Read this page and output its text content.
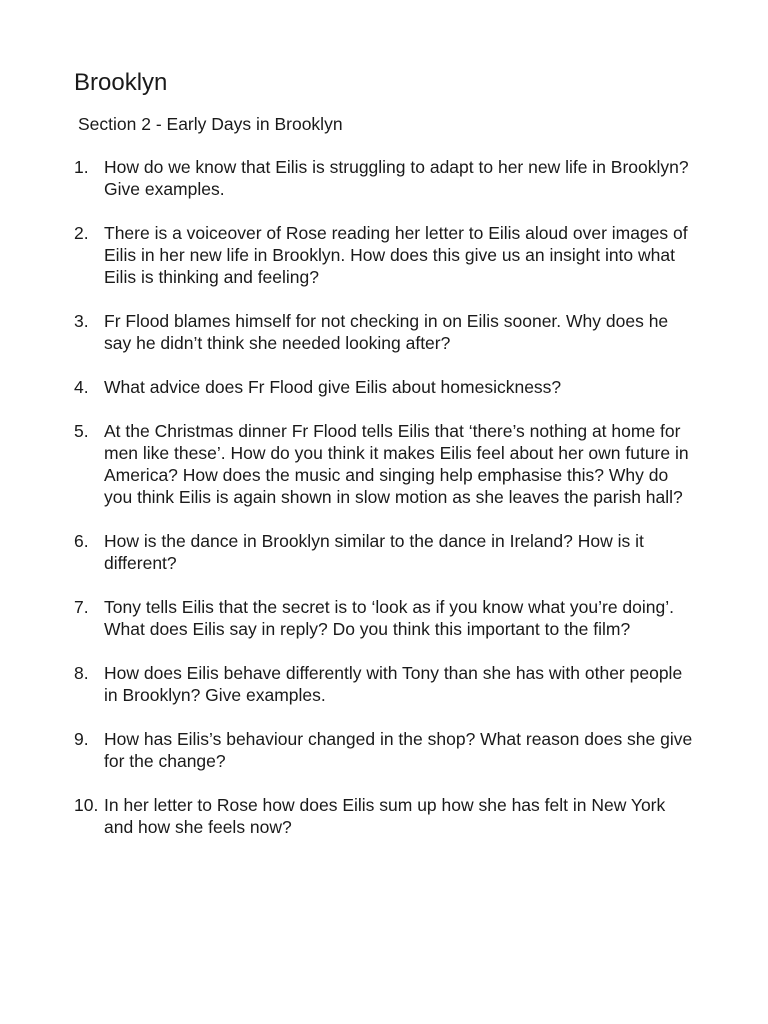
Brooklyn
Section 2 - Early Days in Brooklyn
1. How do we know that Eilis is struggling to adapt to her new life in Brooklyn? Give examples.
2. There is a voiceover of Rose reading her letter to Eilis aloud over images of Eilis in her new life in Brooklyn. How does this give us an insight into what Eilis is thinking and feeling?
3. Fr Flood blames himself for not checking in on Eilis sooner. Why does he say he didn’t think she needed looking after?
4. What advice does Fr Flood give Eilis about homesickness?
5. At the Christmas dinner Fr Flood tells Eilis that ‘there’s nothing at home for men like these’. How do you think it makes Eilis feel about her own future in America? How does the music and singing help emphasise this? Why do you think Eilis is again shown in slow motion as she leaves the parish hall?
6. How is the dance in Brooklyn similar to the dance in Ireland? How is it different?
7. Tony tells Eilis that the secret is to ‘look as if you know what you’re doing’. What does Eilis say in reply? Do you think this important to the film?
8. How does Eilis behave differently with Tony than she has with other people in Brooklyn? Give examples.
9. How has Eilis’s behaviour changed in the shop? What reason does she give for the change?
10. In her letter to Rose how does Eilis sum up how she has felt in New York and how she feels now?
